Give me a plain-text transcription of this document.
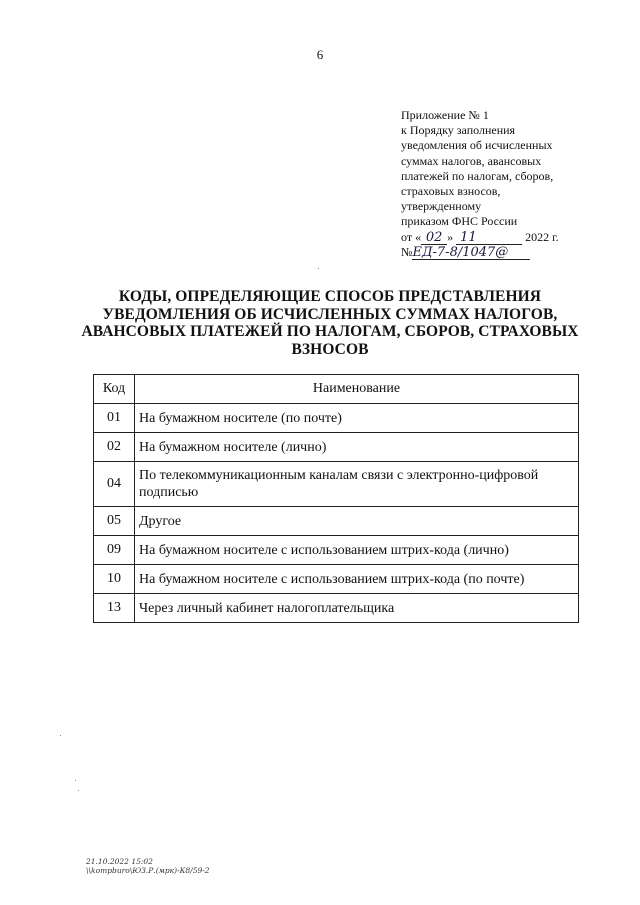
6
Приложение № 1
к Порядку заполнения
уведомления об исчисленных
суммах налогов, авансовых
платежей по налогам, сборов,
страховых взносов,
утвержденному
приказом ФНС России
от « 02 » 11	2022 г.
№ЕД-7-8/1047@
КОДЫ, ОПРЕДЕЛЯЮЩИЕ СПОСОБ ПРЕДСТАВЛЕНИЯ УВЕДОМЛЕНИЯ ОБ ИСЧИСЛЕННЫХ СУММАХ НАЛОГОВ, АВАНСОВЫХ ПЛАТЕЖЕЙ ПО НАЛОГАМ, СБОРОВ, СТРАХОВЫХ ВЗНОСОВ
Код	Наименование
01	На бумажном носителе (по почте)
02	На бумажном носителе (лично)
04	По телекоммуникационным каналам связи с электронно-цифровой подписью
05	Другое
09	На бумажном носителе с использованием штрих-кода (лично)
10	На бумажном носителе с использованием штрих-кода (по почте)
13	Через личный кабинет налогоплательщика
21.10.2022 15:02
\\kompburo\ЮЗ.Р.(мрк)-К8/59-2
